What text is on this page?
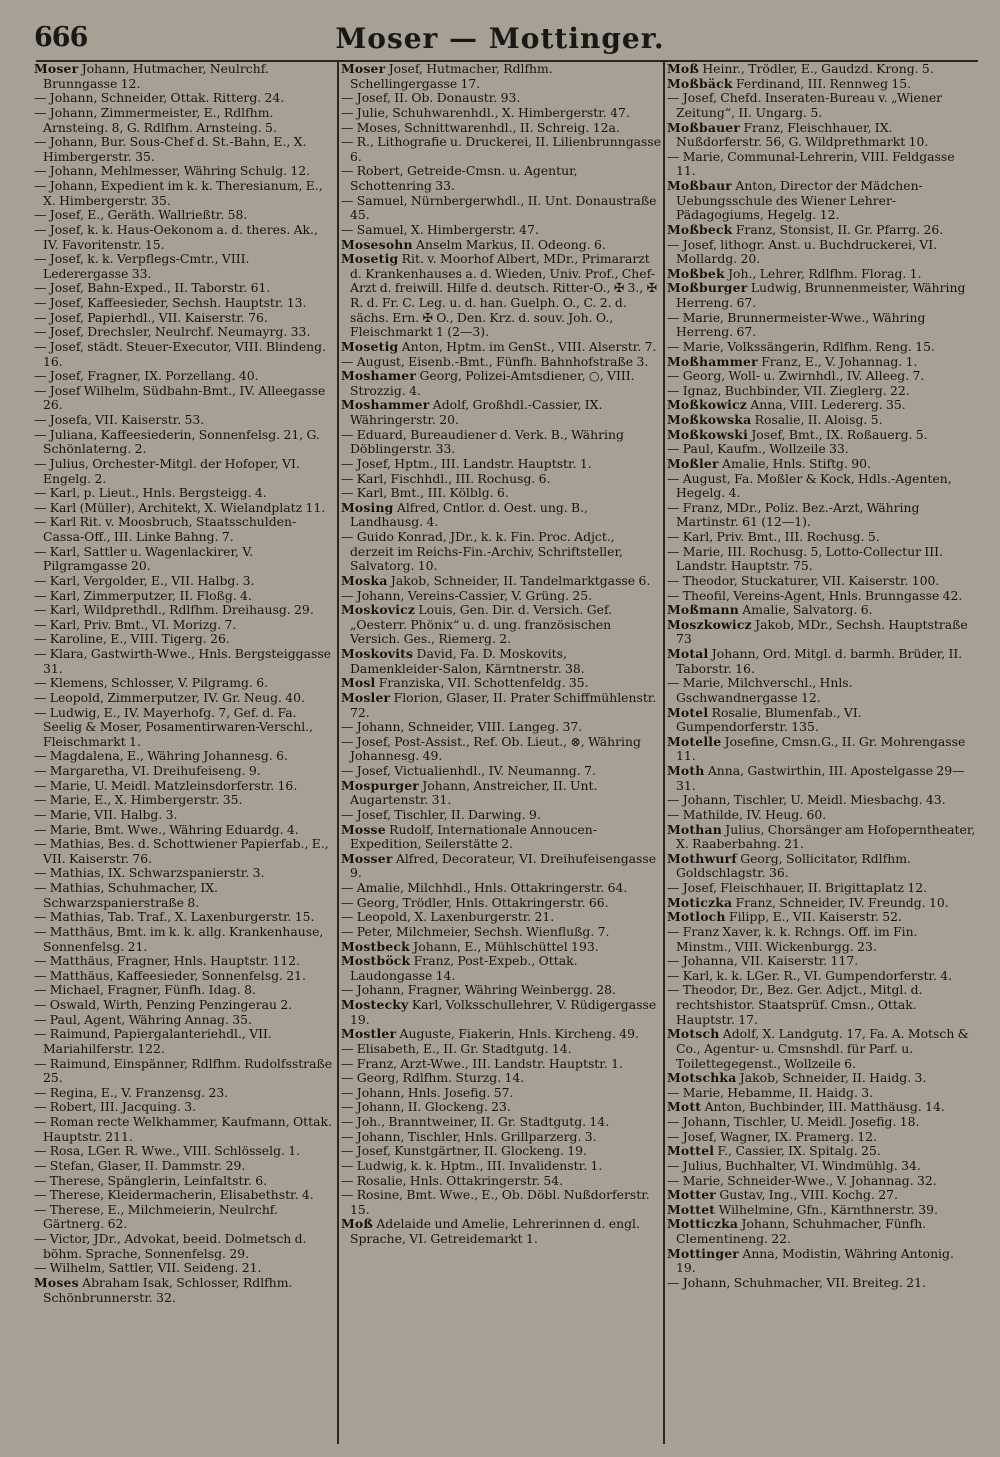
666	Moser — Mottinger.

Moser Johann, Hutmacher, Neulrchf. Brunngasse 12.

— Johann, Schneider, Ottak. Ritterg. 24.

— Johann, Zimmermeister, E., Rdlfhm. Arnsteing. 8, G. Rdlfhm. Arnsteing. 5.

— Johann, Bur. Sous-Chef d. St.-Bahn, E., X. Himbergerstr. 35.

— Johann, Mehlmesser, Währing Schulg. 12.

— Johann, Expedient im k. k. Theresianum, E., X. Himbergerstr. 35.

— Josef, E., Geräth. Wallrießtr. 58.

— Josef, k. k. Haus-Oekonom a. d. theres. Ak., IV. Favoritenstr. 15.

— Josef, k. k. Verpflegs-Cmtr., VIII. Lederergasse 33.

— Josef, Bahn-Exped., II. Taborstr. 61.

— Josef, Kaffeesieder, Sechsh. Hauptstr. 13.

— Josef, Papierhdl., VII. Kaiserstr. 76.

— Josef, Drechsler, Neulrchf. Neumayrg. 33.

— Josef, städt. Steuer-Executor, VIII. Blindeng. 16.

— Josef, Fragner, IX. Porzellang. 40.

— Josef Wilhelm, Südbahn-Bmt., IV. Alleegasse 26.

— Josefa, VII. Kaiserstr. 53.

— Juliana, Kaffeesiederin, Sonnenfelsg. 21, G. Schönlaterng. 2.

— Julius, Orchester-Mitgl. der Hofoper, VI. Engelg. 2.

— Karl, p. Lieut., Hnls. Bergsteigg. 4.

— Karl (Müller), Architekt, X. Wielandplatz 11.

— Karl Rit. v. Moosbruch, Staatsschulden-Cassa-Off., III. Linke Bahng. 7.

— Karl, Sattler u. Wagenlackirer, V. Pilgramgasse 20.

— Karl, Vergolder, E., VII. Halbg. 3.

— Karl, Zimmerputzer, II. Floßg. 4.

— Karl, Wildprethdl., Rdlfhm. Dreihausg. 29.

— Karl, Priv. Bmt., VI. Morizg. 7.

— Karoline, E., VIII. Tigerg. 26.

— Klara, Gastwirth-Wwe., Hnls. Bergsteiggasse 31.

— Klemens, Schlosser, V. Pilgramg. 6.

— Leopold, Zimmerputzer, IV. Gr. Neug. 40.

— Ludwig, E., IV. Mayerhofg. 7, Gef. d. Fa. Seelig & Moser, Posamentirwaren-Verschl., Fleischmarkt 1.

— Magdalena, E., Währing Johannesg. 6.

— Margaretha, VI. Dreihufeiseng. 9.

— Marie, U. Meidl. Matzleinsdorferstr. 16.

— Marie, E., X. Himbergerstr. 35.

— Marie, VII. Halbg. 3.

— Marie, Bmt. Wwe., Währing Eduardg. 4.

— Mathias, Bes. d. Schottwiener Papierfab., E., VII. Kaiserstr. 76.

— Mathias, IX. Schwarzspanierstr. 3.

— Mathias, Schuhmacher, IX. Schwarzspanierstraße 8.

— Mathias, Tab. Traf., X. Laxenburgerstr. 15.

— Matthäus, Bmt. im k. k. allg. Krankenhause, Sonnenfelsg. 21.

— Matthäus, Fragner, Hnls. Hauptstr. 112.

— Matthäus, Kaffeesieder, Sonnenfelsg. 21.

— Michael, Fragner, Fünfh. Idag. 8.

— Oswald, Wirth, Penzing Penzingerau 2.

— Paul, Agent, Währing Annag. 35.

— Raimund, Papiergalanteriehdl., VII. Mariahilferstr. 122.

— Raimund, Einspänner, Rdlfhm. Rudolfsstraße 25.

— Regina, E., V. Franzensg. 23.

— Robert, III. Jacquing. 3.

— Roman recte Welkhammer, Kaufmann, Ottak. Hauptstr. 211.

— Rosa, LGer. R. Wwe., VIII. Schlösselg. 1.

— Stefan, Glaser, II. Dammstr. 29.

— Therese, Spänglerin, Leinfaltstr. 6.

— Therese, Kleidermacherin, Elisabethstr. 4.

— Therese, E., Milchmeierin, Neulrchf. Gärtnerg. 62.

— Victor, JDr., Advokat, beeid. Dolmetsch d. böhm. Sprache, Sonnenfelsg. 29.

— Wilhelm, Sattler, VII. Seideng. 21.

Moses Abraham Isak, Schlosser, Rdlfhm. Schönbrunnerstr. 32.

Moser Josef, Hutmacher, Rdlfhm. Schellingergasse 17.

— Josef, II. Ob. Donaustr. 93.

— Julie, Schuhwarenhdl., X. Himbergerstr. 47.

— Moses, Schnittwarenhdl., II. Schreig. 12a.

— R., Lithografie u. Druckerei, II. Lilienbrunngasse 6.

— Robert, Getreide-Cmsn. u. Agentur, Schottenring 33.

— Samuel, Nürnbergerwhdl., II. Unt. Donaustraße 45.

— Samuel, X. Himbergerstr. 47.

Mosesohn Anselm Markus, II. Odeong. 6.

Mosetig Rit. v. Moorhof Albert, MDr., Primararzt d. Krankenhauses a. d. Wieden, Univ. Prof., Chef-Arzt d. freiwill. Hilfe d. deutsch. Ritter-O., ✠ 3., ✠ R. d. Fr. C. Leg. u. d. han. Guelph. O., C. 2. d. sächs. Ern. ✠ O., Den. Krz. d. souv. Joh. O., Fleischmarkt 1 (2—3).

Mosetig Anton, Hptm. im GenSt., VIII. Alserstr. 7.

— August, Eisenb.-Bmt., Fünfh. Bahnhofstraße 3.

Moshamer Georg, Polizei-Amtsdiener, ○, VIII. Strozzig. 4.

Moshammer Adolf, Großhdl.-Cassier, IX. Währingerstr. 20.

— Eduard, Bureaudiener d. Verk. B., Währing Döblingerstr. 33.

— Josef, Hptm., III. Landstr. Hauptstr. 1.

— Karl, Fischhdl., III. Rochusg. 6.

— Karl, Bmt., III. Kölblg. 6.

Mosing Alfred, Cntlor. d. Oest. ung. B., Landhausg. 4.

— Guido Konrad, JDr., k. k. Fin. Proc. Adjct., derzeit im Reichs-Fin.-Archiv, Schriftsteller, Salvatorg. 10.

Moska Jakob, Schneider, II. Tandelmarktgasse 6.

— Johann, Vereins-Cassier, V. Grüng. 25.

Moskovicz Louis, Gen. Dir. d. Versich. Gef. „Oesterr. Phönix“ u. d. ung. französischen Versich. Ges., Riemerg. 2.

Moskovits David, Fa. D. Moskovits, Damenkleider-Salon, Kärntnerstr. 38.

Mosl Franziska, VII. Schottenfeldg. 35.

Mosler Florion, Glaser, II. Prater Schiffmühlenstr. 72.

— Johann, Schneider, VIII. Langeg. 37.

— Josef, Post-Assist., Ref. Ob. Lieut., ⊗, Währing Johannesg. 49.

— Josef, Victualienhdl., IV. Neumanng. 7.

Mospurger Johann, Anstreicher, II. Unt. Augartenstr. 31.

— Josef, Tischler, II. Darwing. 9.

Mosse Rudolf, Internationale Annoucen-Expedition, Seilerstätte 2.

Mosser Alfred, Decorateur, VI. Dreihufeisengasse 9.

— Amalie, Milchhdl., Hnls. Ottakringerstr. 64.

— Georg, Trödler, Hnls. Ottakringerstr. 66.

— Leopold, X. Laxenburgerstr. 21.

— Peter, Milchmeier, Sechsh. Wienflußg. 7.

Mostbeck Johann, E., Mühlschüttel 193.

Mostböck Franz, Post-Expeb., Ottak. Laudongasse 14.

— Johann, Fragner, Währing Weinbergg. 28.

Mostecky Karl, Volksschullehrer, V. Rüdigergasse 19.

Mostler Auguste, Fiakerin, Hnls. Kircheng. 49.

— Elisabeth, E., II. Gr. Stadtgutg. 14.

— Franz, Arzt-Wwe., III. Landstr. Hauptstr. 1.

— Georg, Rdlfhm. Sturzg. 14.

— Johann, Hnls. Josefig. 57.

— Johann, II. Glockeng. 23.

— Joh., Branntweiner, II. Gr. Stadtgutg. 14.

— Johann, Tischler, Hnls. Grillparzerg. 3.

— Josef, Kunstgärtner, II. Glockeng. 19.

— Ludwig, k. k. Hptm., III. Invalidenstr. 1.

— Rosalie, Hnls. Ottakringerstr. 54.

— Rosine, Bmt. Wwe., E., Ob. Döbl. Nußdorferstr. 15.

Moß Adelaide und Amelie, Lehrerinnen d. engl. Sprache, VI. Getreidemarkt 1.

Moß Heinr., Trödler, E., Gaudzd. Krong. 5.

Moßbäck Ferdinand, III. Rennweg 15.

— Josef, Chefd. Inseraten-Bureau v. „Wiener Zeitung“, II. Ungarg. 5.

Moßbauer Franz, Fleischhauer, IX. Nußdorferstr. 56, G. Wildprethmarkt 10.

— Marie, Communal-Lehrerin, VIII. Feldgasse 11.

Moßbaur Anton, Director der Mädchen-Uebungsschule des Wiener Lehrer-Pädagogiums, Hegelg. 12.

Moßbeck Franz, Stonsist, II. Gr. Pfarrg. 26.

— Josef, lithogr. Anst. u. Buchdruckerei, VI. Mollardg. 20.

Moßbek Joh., Lehrer, Rdlfhm. Florag. 1.

Moßburger Ludwig, Brunnenmeister, Währing Herreng. 67.

— Marie, Brunnermeister-Wwe., Währing Herreng. 67.

— Marie, Volkssängerin, Rdlfhm. Reng. 15.

Moßhammer Franz, E., V. Johannag. 1.

— Georg, Woll- u. Zwirnhdl., IV. Alleeg. 7.

— Ignaz, Buchbinder, VII. Zieglerg. 22.

Moßkowicz Anna, VIII. Ledererg. 35.

Moßkowska Rosalie, II. Aloisg. 5.

Moßkowski Josef, Bmt., IX. Roßauerg. 5.

— Paul, Kaufm., Wollzeile 33.

Moßler Amalie, Hnls. Stiftg. 90.

— August, Fa. Moßler & Kock, Hdls.-Agenten, Hegelg. 4.

— Franz, MDr., Poliz. Bez.-Arzt, Währing Martinstr. 61 (12—1).

— Karl, Priv. Bmt., III. Rochusg. 5.

— Marie, III. Rochusg. 5, Lotto-Collectur III. Landstr. Hauptstr. 75.

— Theodor, Stuckaturer, VII. Kaiserstr. 100.

— Theofil, Vereins-Agent, Hnls. Brunngasse 42.

Moßmann Amalie, Salvatorg. 6.

Moszkowicz Jakob, MDr., Sechsh. Hauptstraße 73

Motal Johann, Ord. Mitgl. d. barmh. Brüder, II. Taborstr. 16.

— Marie, Milchverschl., Hnls. Gschwandnergasse 12.

Motel Rosalie, Blumenfab., VI. Gumpendorferstr. 135.

Motelle Josefine, Cmsn.G., II. Gr. Mohrengasse 11.

Moth Anna, Gastwirthin, III. Apostelgasse 29—31.

— Johann, Tischler, U. Meidl. Miesbachg. 43.

— Mathilde, IV. Heug. 60.

Mothan Julius, Chorsänger am Hofoperntheater, X. Raaberbahng. 21.

Mothwurf Georg, Sollicitator, Rdlfhm. Goldschlagstr. 36.

— Josef, Fleischhauer, II. Brigittaplatz 12.

Moticzka Franz, Schneider, IV. Freundg. 10.

Motloch Filipp, E., VII. Kaiserstr. 52.

— Franz Xaver, k. k. Rchngs. Off. im Fin. Minstm., VIII. Wickenburgg. 23.

— Johanna, VII. Kaiserstr. 117.

— Karl, k. k. LGer. R., VI. Gumpendorferstr. 4.

— Theodor, Dr., Bez. Ger. Adjct., Mitgl. d. rechtshistor. Staatsprüf. Cmsn., Ottak. Hauptstr. 17.

Motsch Adolf, X. Landgutg. 17, Fa. A. Motsch & Co., Agentur- u. Cmsnshdl. für Parf. u. Toilettegegenst., Wollzeile 6.

Motschka Jakob, Schneider, II. Haidg. 3.

— Marie, Hebamme, II. Haidg. 3.

Mott Anton, Buchbinder, III. Matthäusg. 14.

— Johann, Tischler, U. Meidl. Josefig. 18.

— Josef, Wagner, IX. Pramerg. 12.

Mottel F., Cassier, IX. Spitalg. 25.

— Julius, Buchhalter, VI. Windmühlg. 34.

— Marie, Schneider-Wwe., V. Johannag. 32.

Motter Gustav, Ing., VIII. Kochg. 27.

Mottet Wilhelmine, Gfn., Kärnthnerstr. 39.

Motticzka Johann, Schuhmacher, Fünfh. Clementineng. 22.

Mottinger Anna, Modistin, Währing Antonig. 19.

— Johann, Schuhmacher, VII. Breiteg. 21.
